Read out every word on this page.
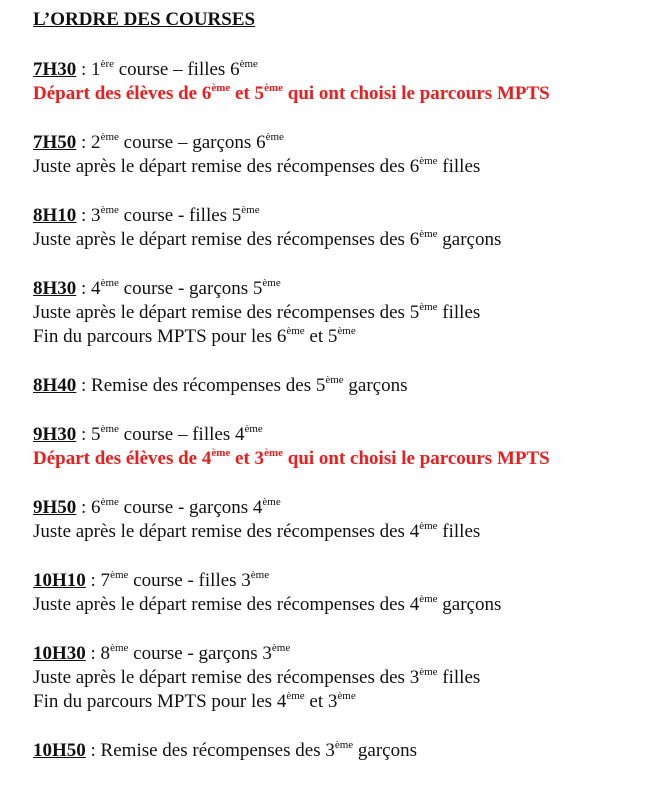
L’ORDRE DES COURSES
7H30 : 1ère course – filles 6ème
Départ des élèves de 6ème et 5ème qui ont choisi le parcours MPTS
7H50 : 2ème course – garçons 6ème
Juste après le départ remise des récompenses des 6ème filles
8H10 : 3ème course - filles 5ème
Juste après le départ remise des récompenses des 6ème garçons
8H30 : 4ème course - garçons 5ème
Juste après le départ remise des récompenses des 5ème filles
Fin du parcours MPTS pour les 6ème et 5ème
8H40 : Remise des récompenses des 5ème garçons
9H30 : 5ème course – filles 4ème
Départ des élèves de 4ème et 3ème qui ont choisi le parcours MPTS
9H50 : 6ème course - garçons 4ème
Juste après le départ remise des récompenses des 4ème filles
10H10 : 7ème course - filles 3ème
Juste après le départ remise des récompenses des 4ème garçons
10H30 : 8ème course - garçons 3ème
Juste après le départ remise des récompenses des 3ème filles
Fin du parcours MPTS pour les 4ème et 3ème
10H50 : Remise des récompenses des 3ème garçons
